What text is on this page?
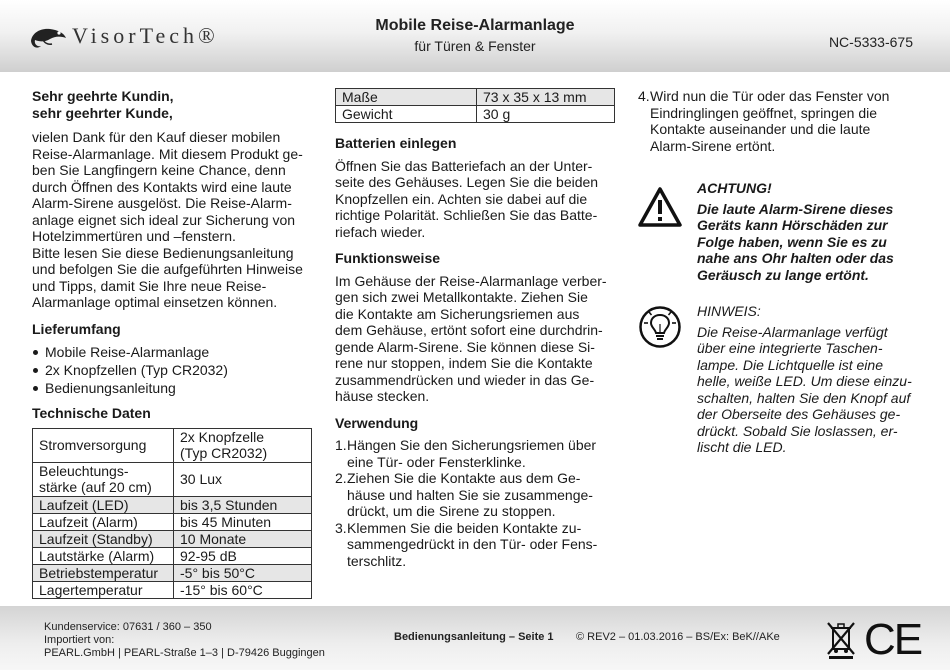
VisorTech®	Mobile Reise-Alarmanlage
für Türen & Fenster	NC-5333-675
Sehr geehrte Kundin,
sehr geehrter Kunde,
vielen Dank für den Kauf dieser mobilen
Reise-Alarmanlage. Mit diesem Produkt ge-
ben Sie Langfingern keine Chance, denn
durch Öffnen des Kontakts wird eine laute
Alarm-Sirene ausgelöst. Die Reise-Alarm-
anlage eignet sich ideal zur Sicherung von
Hotelzimmertüren und –fenstern.
Bitte lesen Sie diese Bedienungsanleitung
und befolgen Sie die aufgeführten Hinweise
und Tipps, damit Sie Ihre neue Reise-
Alarmanlage optimal einsetzen können.
Lieferumfang
Mobile Reise-Alarmanlage
2x Knopfzellen (Typ CR2032)
Bedienungsanleitung
Technische Daten
Stromversorgung	2x Knopfzelle
(Typ CR2032)

Beleuchtungs-
stärke (auf 20 cm)	30 Lux
Laufzeit (LED)	bis 3,5 Stunden
Laufzeit (Alarm)	bis 45 Minuten
Laufzeit (Standby)	10 Monate
Lautstärke (Alarm)	92-95 dB
Betriebstemperatur	-5° bis 50°C
Lagertemperatur	-15° bis 60°C
Maße	73 x 35 x 13 mm
Gewicht	30 g
Batterien einlegen
Öffnen Sie das Batteriefach an der Unter-
seite des Gehäuses. Legen Sie die beiden
Knopfzellen ein. Achten sie dabei auf die
richtige Polarität. Schließen Sie das Batte-
riefach wieder.
Funktionsweise
Im Gehäuse der Reise-Alarmanlage verber-
gen sich zwei Metallkontakte. Ziehen Sie
die Kontakte am Sicherungsriemen aus
dem Gehäuse, ertönt sofort eine durchdrin-
gende Alarm-Sirene. Sie können diese Si-
rene nur stoppen, indem Sie die Kontakte
zusammendrücken und wieder in das Ge-
häuse stecken.
Verwendung
1. Hängen Sie den Sicherungsriemen über
eine Tür- oder Fensterklinke.
2. Ziehen Sie die Kontakte aus dem Ge-
häuse und halten Sie sie zusammenge-
drückt, um die Sirene zu stoppen.
3. Klemmen Sie die beiden Kontakte zu-
sammengedrückt in den Tür- oder Fens-
terschlitz.
4. Wird nun die Tür oder das Fenster von
Eindringlingen geöffnet, springen die
Kontakte auseinander und die laute
Alarm-Sirene ertönt.
ACHTUNG!
Die laute Alarm-Sirene dieses
Geräts kann Hörschäden zur
Folge haben, wenn Sie es zu
nahe ans Ohr halten oder das
Geräusch zu lange ertönt.
HINWEIS:
Die Reise-Alarmanlage verfügt
über eine integrierte Taschen-
lampe. Die Lichtquelle ist eine
helle, weiße LED. Um diese einzu-
schalten, halten Sie den Knopf auf
der Oberseite des Gehäuses ge-
drückt. Sobald Sie loslassen, er-
lischt die LED.
Kundenservice: 07631 / 360 – 350
Importiert von:
PEARL.GmbH | PEARL-Straße 1–3 | D-79426 Buggingen
Bedienungsanleitung – Seite 1 © REV2 – 01.03.2016 – BS/Ex: BeK//AKe CE
